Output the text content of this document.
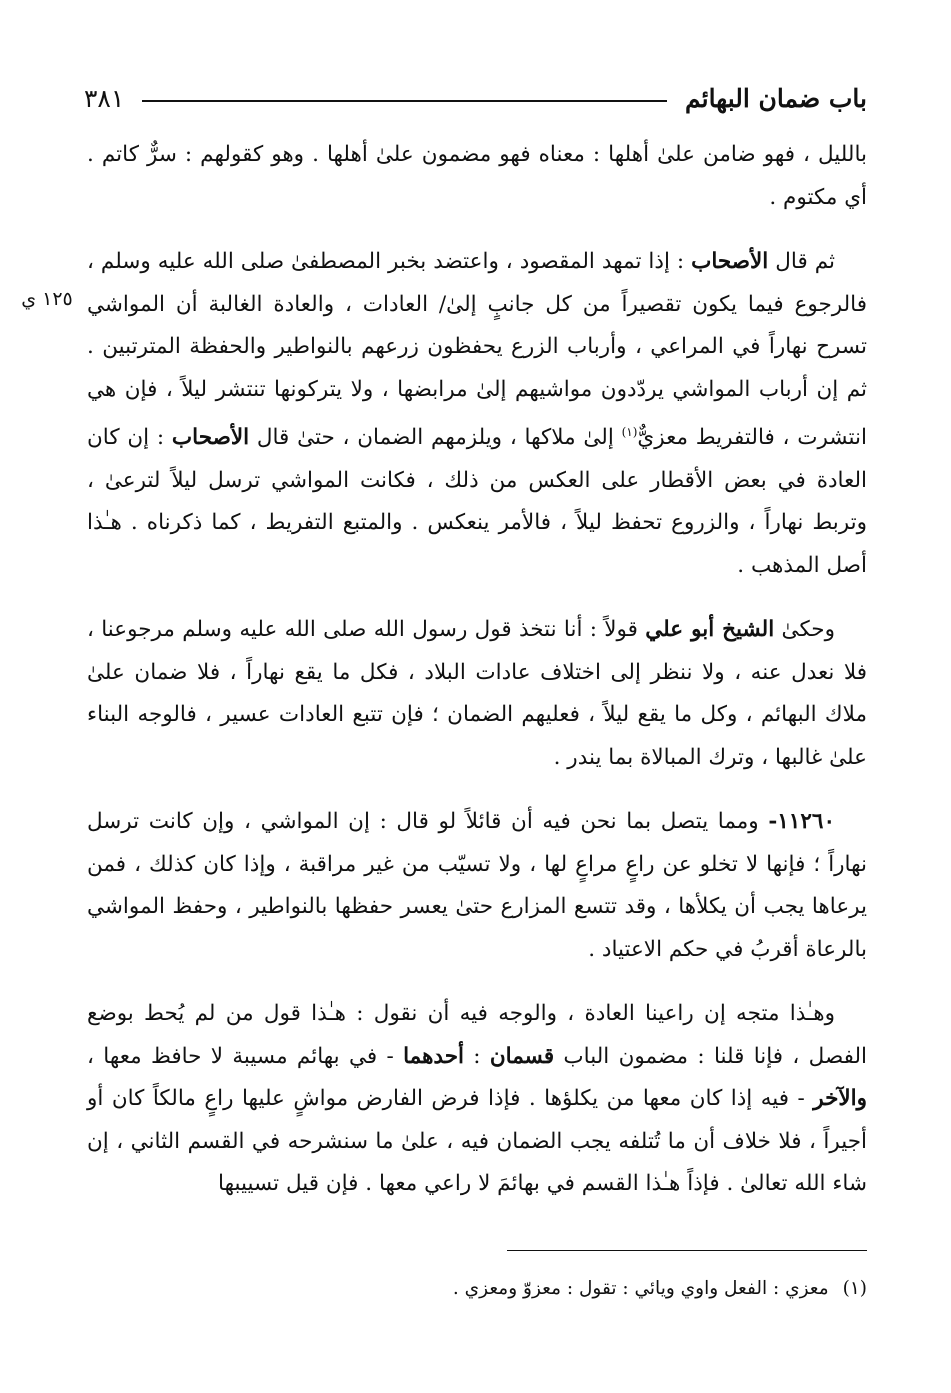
باب ضمان البهائم
٣٨١
١٢٥ ي

باللیل ، فهو ضامن علىٰ أهلها : معناه فهو مضمون علىٰ أهلها . وهو كقولهم : سرٌّ كاتم . أي مكتوم .

ثم قال الأصحاب : إذا تمهد المقصود ، واعتضد بخبر المصطفىٰ صلى الله عليه وسلم ، فالرجوع فيما يكون تقصيراً من كل جانبٍ إلىٰ/ العادات ، والعادة الغالبة أن المواشي تسرح نهاراً في المراعي ، وأرباب الزرع يحفظون زرعهم بالنواطير والحفظة المترتبين . ثم إن أرباب المواشي يردّدون مواشيهم إلىٰ مرابضها ، ولا يتركونها تنتشر ليلاً ، فإن هي انتشرت ، فالتفريط معزيٌّ$^{(١)}$ إلىٰ ملاكها ، ويلزمهم الضمان ، حتىٰ قال الأصحاب : إن كان العادة في بعض الأقطار على العكس من ذلك ، فكانت المواشي ترسل ليلاً لترعىٰ ، وتربط نهاراً ، والزروع تحفظ ليلاً ، فالأمر ينعكس . والمتبع التفريط ، كما ذكرناه . هـٰذا أصل المذهب .

وحكىٰ الشيخ أبو علي قولاً : أنا نتخذ قول رسول الله صلى الله عليه وسلم مرجوعنا ، فلا نعدل عنه ، ولا ننظر إلى اختلاف عادات البلاد ، فكل ما يقع نهاراً ، فلا ضمان علىٰ ملاك البهائم ، وكل ما يقع ليلاً ، فعليهم الضمان ؛ فإن تتبع العادات عسير ، فالوجه البناء علىٰ غالبها ، وترك المبالاة بما يندر .

١١٢٦٠- ومما يتصل بما نحن فيه أن قائلاً لو قال : إن المواشي ، وإن كانت ترسل نهاراً ؛ فإنها لا تخلو عن راعٍ مراعٍ لها ، ولا تسيّب من غير مراقبة ، وإذا كان كذلك ، فمن يرعاها يجب أن يكلأها ، وقد تتسع المزارع حتىٰ يعسر حفظها بالنواطير ، وحفظ المواشي بالرعاة أقربُ في حكم الاعتياد .

وهـٰذا متجه إن راعينا العادة ، والوجه فيه أن نقول : هـٰذا قول من لم يُحط بوضع الفصل ، فإنا قلنا : مضمون الباب قسمان : أحدهما - في بهائم مسيبة لا حافظ معها ، والآخر - فيه إذا كان معها من يكلؤها . فإذا فرض الفارض مواشٍ عليها راعٍ مالكاً كان أو أجيراً ، فلا خلاف أن ما تُتلفه يجب الضمان فيه ، علىٰ ما سنشرحه في القسم الثاني ، إن شاء الله تعالىٰ . فإذاً هـٰذا القسم في بهائمَ لا راعي معها . فإن قيل تسييبها

(١)معزي : الفعل واوي ويائي : تقول : معزوّ ومعزي .
